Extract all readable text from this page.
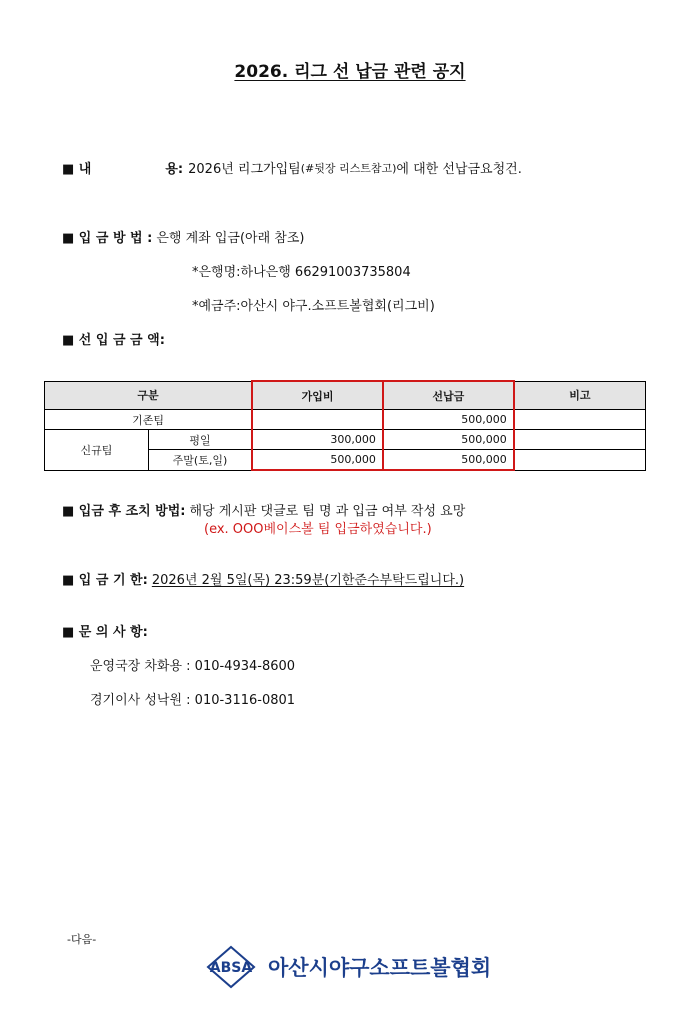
2026. 리그 선 납금 관련 공지
■ 내	용: 2026년 리그가입팀 (#뒷장 리스트참고) 에 대한 선납금요청건.
■ 입 금 방 법 : 은행 계좌 입금(아래 참조)
*은행명:하나은행 66291003735804
*예금주:아산시 야구.소프트볼협회(리그비)
■ 선 입 금 금 액:
구분		가입비	선납금	비고
기존팀			500,000	
신규팀	평일	300,000	500,000	
	주말(토,일)	500,000	500,000	
■ 입금 후 조치 방법: 해당 게시판 댓글로 팀 명 과 입금 여부 작성 요망
(ex. OOO베이스볼 팀 입금하였습니다.)
■ 입 금 기 한: 2026년 2월 5일(목) 23:59분(기한준수부탁드립니다.)
■ 문 의 사 항:
운영국장 차화용 : 010-4934-8600
경기이사 성낙원 : 010-3116-0801
-다음-
ABSA 아산시야구소프트볼협회
